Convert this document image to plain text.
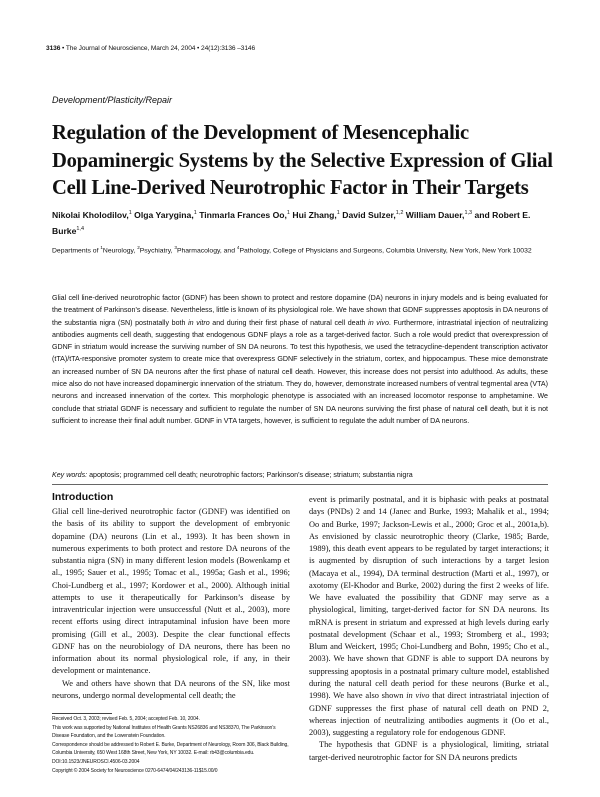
3136 • The Journal of Neuroscience, March 24, 2004 • 24(12):3136 –3146
Development/Plasticity/Repair
Regulation of the Development of Mesencephalic Dopaminergic Systems by the Selective Expression of Glial Cell Line-Derived Neurotrophic Factor in Their Targets

Nikolai Kholodilov,$^1$ Olga Yarygina,$^1$ Tinmarla Frances Oo,$^1$ Hui Zhang,$^1$ David Sulzer,$^{1,2}$ William Dauer,$^{1,3}$ and Robert E. Burke$^{1,4}$

Departments of $^1$Neurology, $^2$Psychiatry, $^3$Pharmacology, and $^4$Pathology, College of Physicians and Surgeons, Columbia University, New York, New York 10032

Glial cell line-derived neurotrophic factor (GDNF) has been shown to protect and restore dopamine (DA) neurons in injury models and is being evaluated for the treatment of Parkinson’s disease. Nevertheless, little is known of its physiological role. We have shown that GDNF suppresses apoptosis in DA neurons of the substantia nigra (SN) postnatally both in vitro and during their first phase of natural cell death in vivo. Furthermore, intrastriatal injection of neutralizing antibodies augments cell death, suggesting that endogenous GDNF plays a role as a target-derived factor. Such a role would predict that overexpression of GDNF in striatum would increase the surviving number of SN DA neurons. To test this hypothesis, we used the tetracycline-dependent transcription activator (tTA)/tTA-responsive promoter system to create mice that overexpress GDNF selectively in the striatum, cortex, and hippocampus. These mice demonstrate an increased number of SN DA neurons after the first phase of natural cell death. However, this increase does not persist into adulthood. As adults, these mice also do not have increased dopaminergic innervation of the striatum. They do, however, demonstrate increased numbers of ventral tegmental area (VTA) neurons and increased innervation of the cortex. This morphologic phenotype is associated with an increased locomotor response to amphetamine. We conclude that striatal GDNF is necessary and sufficient to regulate the number of SN DA neurons surviving the first phase of natural cell death, but it is not sufficient to increase their final adult number. GDNF in VTA targets, however, is sufficient to regulate the adult number of DA neurons.

Key words: apoptosis; programmed cell death; neurotrophic factors; Parkinson’s disease; striatum; substantia nigra

Introduction

Glial cell line-derived neurotrophic factor (GDNF) was identified on the basis of its ability to support the development of embryonic dopamine (DA) neurons (Lin et al., 1993). It has been shown in numerous experiments to both protect and restore DA neurons of the substantia nigra (SN) in many different lesion models (Bowenkamp et al., 1995; Sauer et al., 1995; Tomac et al., 1995a; Gash et al., 1996; Choi-Lundberg et al., 1997; Kordower et al., 2000). Although initial attempts to use it therapeutically for Parkinson’s disease by intraventricular injection were unsuccessful (Nutt et al., 2003), more recent efforts using direct intraputaminal infusion have been more promising (Gill et al., 2003). Despite the clear functional effects GDNF has on the neurobiology of DA neurons, there has been no information about its normal physiological role, if any, in their development or maintenance.

We and others have shown that DA neurons of the SN, like most neurons, undergo normal developmental cell death; the

event is primarily postnatal, and it is biphasic with peaks at postnatal days (PNDs) 2 and 14 (Janec and Burke, 1993; Mahalik et al., 1994; Oo and Burke, 1997; Jackson-Lewis et al., 2000; Groc et al., 2001a,b). As envisioned by classic neurotrophic theory (Clarke, 1985; Barde, 1989), this death event appears to be regulated by target interactions; it is augmented by disruption of such interactions by a target lesion (Macaya et al., 1994), DA terminal destruction (Marti et al., 1997), or axotomy (El-Khodor and Burke, 2002) during the first 2 weeks of life. We have evaluated the possibility that GDNF may serve as a physiological, limiting, target-derived factor for SN DA neurons. Its mRNA is present in striatum and expressed at high levels during early postnatal development (Schaar et al., 1993; Stromberg et al., 1993; Blum and Weickert, 1995; Choi-Lundberg and Bohn, 1995; Cho et al., 2003). We have shown that GDNF is able to support DA neurons by suppressing apoptosis in a postnatal primary culture model, established during the natural cell death period for these neurons (Burke et al., 1998). We have also shown in vivo that direct intrastriatal injection of GDNF suppresses the first phase of natural cell death on PND 2, whereas injection of neutralizing antibodies augments it (Oo et al., 2003), suggesting a regulatory role for endogenous GDNF.

The hypothesis that GDNF is a physiological, limiting, striatal target-derived neurotrophic factor for SN DA neurons predicts

Received Oct. 3, 2003; revised Feb. 5, 2004; accepted Feb. 10, 2004.

This work was supported by National Institutes of Health Grants NS26836 and NS38370, The Parkinson’s Disease Foundation, and the Lowenstein Foundation.

Correspondence should be addressed to Robert E. Burke, Department of Neurology, Room 306, Black Building, Columbia University, 650 West 168th Street, New York, NY 10032. E-mail: rb43@columbia.edu.

DOI:10.1523/JNEUROSCI.4506-03.2004

Copyright © 2004 Society for Neuroscience 0270-6474/04/243136-11$15.00/0
